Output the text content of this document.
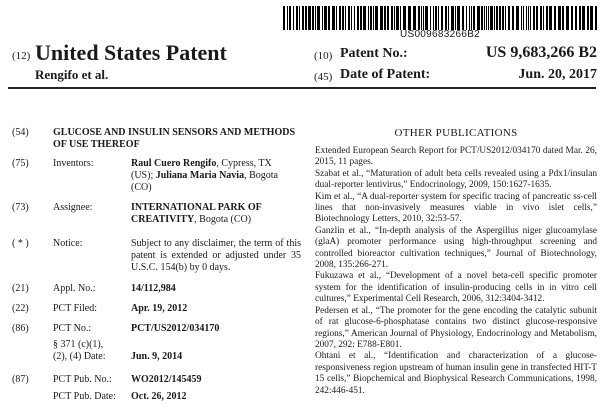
US009683266B2
(12) United States Patent
Rengifo et al.
(10) Patent No.:	US 9,683,266 B2
(45) Date of Patent:	Jun. 20, 2017
(54)	GLUCOSE AND INSULIN SENSORS AND METHODS OF USE THEREOF
(75)	Inventors:	Raul Cuero Rengifo, Cypress, TX
(US); Juliana Maria Navia, Bogota
(CO)
(73)	Assignee:	INTERNATIONAL PARK OF CREATIVITY, Bogota (CO)
( * )	Notice:	Subject to any disclaimer, the term of this patent is extended or adjusted under 35 U.S.C. 154(b) by 0 days.
(21)	Appl. No.:	14/112,984
(22)	PCT Filed:	Apr. 19, 2012
(86)	PCT No.:	PCT/US2012/034170
§ 371 (c)(1),
(2), (4) Date:	Jun. 9, 2014
(87)	PCT Pub. No.: WO2012/145459
PCT Pub. Date: Oct. 26, 2012
OTHER PUBLICATIONS

Extended European Search Report for PCT/US2012/034170 dated Mar. 26, 2015, 11 pages.

Szabat et al., “Maturation of adult beta cells revealed using a Pdx1/insulan dual-reporter lentivirus,” Endocrinology, 2009, 150:1627-1635.

Kim et al., “A dual-reporter system for specific tracing of pancreatic ss-cell lines that non-invasively measures viable in vivo islet cells,” Biotechnology Letters, 2010, 32:53-57.

Ganzlin et al., “In-depth analysis of the Aspergillus niger glucoamylase (glaA) promoter performance using high-throughput screening and controlled bioreactor cultivation techniques,” Journal of Biotechnology, 2008, 135:266-271.

Fukuzawa et al., “Development of a novel beta-cell specific promoter system for the identification of insulin-producing cells in in vitro cell cultures,” Experimental Cell Research, 2006, 312:3404-3412.

Pedersen et al., “The promoter for the gene encoding the catalytic subunit of rat glucose-6-phosphatase contains two distinct glucose-responsive regions,” American Journal of Physiology, Endocrinology and Metabolism, 2007, 292: E788-E801.

Ohtani et al., “Identification and characterization of a glucose-responsiveness region upstream of human insulin gene in transfected HIT-T 15 cells,” Biopchemical and Biophysical Research Communications, 1998, 242:446-451.
